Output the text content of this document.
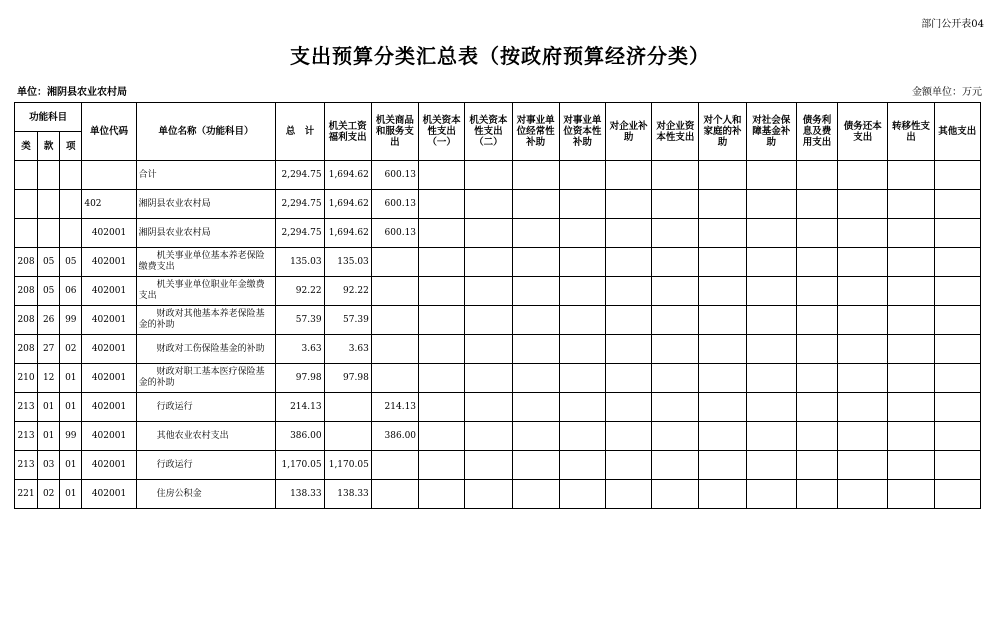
部门公开表04
支出预算分类汇总表（按政府预算经济分类）
单位：湘阴县农业农村局	金额单位：万元
功能科目			单位代码	单位名称（功能科目）	总　计	机关工资福利支出	机关商品和服务支出	机关资本性支出（一）	机关资本性支出（二）	对事业单位经常性补助	对事业单位资本性补助	对企业补助	对企业资本性支出	对个人和家庭的补助	对社会保障基金补助	债务利息及费用支出	债务还本支出	转移性支出	其他支出
类	款	项																	
				合计	2,294.75	1,694.62	600.13												
			402	湘阴县农业农村局	2,294.75	1,694.62	600.13												
			402001	湘阴县农业农村局	2,294.75	1,694.62	600.13												
208	05	05	402001	机关事业单位基本养老保险缴费支出	135.03	135.03													
208	05	06	402001	机关事业单位职业年金缴费支出	92.22	92.22													
208	26	99	402001	财政对其他基本养老保险基金的补助	57.39	57.39													
208	27	02	402001	财政对工伤保险基金的补助	3.63	3.63													
210	12	01	402001	财政对职工基本医疗保险基金的补助	97.98	97.98													
213	01	01	402001	行政运行	214.13		214.13												
213	01	99	402001	其他农业农村支出	386.00		386.00												
213	03	01	402001	行政运行	1,170.05	1,170.05													
221	02	01	402001	住房公积金	138.33	138.33													
